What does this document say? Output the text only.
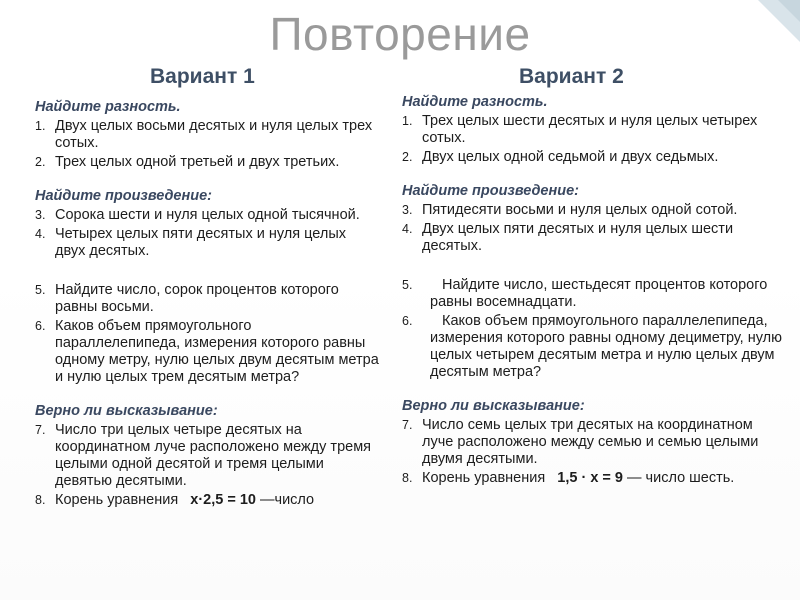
Повторение
Вариант 1	Вариант 2

Найдите разность.

1. Двух целых восьми десятых и нуля целых трех сотых.

2. Трех целых одной третьей и двух третьих.

Найдите произведение:

3. Сорока шести и нуля целых одной тысячной.

4. Четырех целых пяти десятых и нуля целых двух десятых.

5. Найдите число, сорок процентов которого равны восьми.

6. Каков объем прямоугольного параллелепипеда, измерения которого равны одному метру, нулю целых двум десятым метра и нулю целых трем десятым метра?

Верно ли высказывание:

7. Число три целых четыре десятых на координатном луче расположено между тремя целыми одной десятой и тремя целыми девятью десятыми.

8. Корень уравнения х·2,5 = 10 —число

Найдите разность.

1. Трех целых шести десятых и нуля целых четырех сотых.

2. Двух целых одной седьмой и двух седьмых.

Найдите произведение:

3. Пятидесяти восьми и нуля целых одной сотой.

4. Двух целых пяти десятых и нуля целых шести десятых.

5. Найдите число, шестьдесят процентов которого равны восемнадцати.

6. Каков объем прямоугольного параллелепипеда, измерения которого равны одному дециметру, нулю целых четырем десятым метра и нулю целых двум десятым метра?

Верно ли высказывание:

7. Число семь целых три десятых на координатном луче расположено между семью и семью целыми двумя десятыми.

8. Корень уравнения 1,5 · х = 9 — число шесть.
